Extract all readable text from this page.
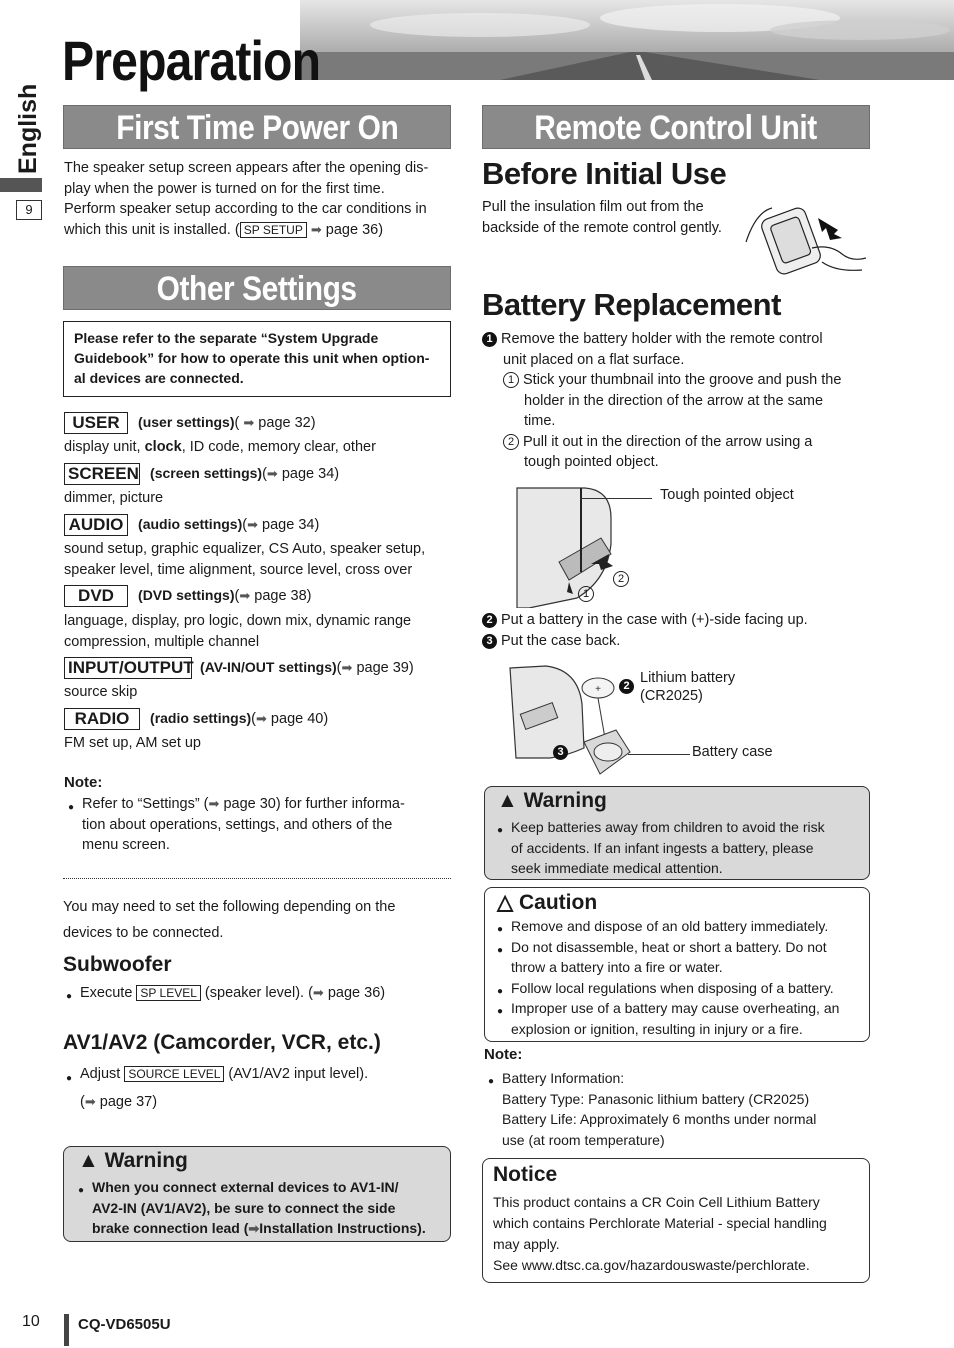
Preparation
English
9
First Time Power On
The speaker setup screen appears after the opening dis-
play when the power is turned on for the first time.
Perform speaker setup according to the car conditions in
which this unit is installed. ( SP SETUP ➡ page 36)
Other Settings
Please refer to the separate “System Upgrade Guidebook” for how to operate this unit when option-al devices are connected.
USER (user settings)( ➡ page 32)
display unit, clock, ID code, memory clear, other
SCREEN (screen settings)(➡ page 34)
dimmer, picture
AUDIO (audio settings)(➡ page 34)
sound setup, graphic equalizer, CS Auto, speaker setup,
speaker level, time alignment, source level, cross over
DVD (DVD settings)(➡ page 38)
language, display, pro logic, down mix, dynamic range
compression, multiple channel
INPUT/OUTPUT (AV-IN/OUT settings)(➡ page 39)
source skip
RADIO (radio settings)(➡ page 40)
FM set up, AM set up
Note:
● Refer to “Settings” (➡ page 30) for further informa-
tion about operations, settings, and others of the
menu screen.
You may need to set the following depending on the
devices to be connected.
Subwoofer
● Execute SP LEVEL (speaker level). (➡ page 36)
AV1/AV2 (Camcorder, VCR, etc.)
● Adjust SOURCE LEVEL (AV1/AV2 input level).
(➡ page 37)
▲ Warning
● When you connect external devices to AV1-IN/
AV2-IN (AV1/AV2), be sure to connect the side
brake connection lead (➡Installation Instructions).
Remote Control Unit
Before Initial Use
Pull the insulation film out from the
backside of the remote control gently.
Battery Replacement
1 Remove the battery holder with the remote control
unit placed on a flat surface.
1 Stick your thumbnail into the groove and push the
holder in the direction of the arrow at the same
time.
2 Pull it out in the direction of the arrow using a
tough pointed object.
Tough pointed object
1
2
2 Put a battery in the case with (+)-side facing up.
3 Put the case back.
+	2
3
Lithium battery
(CR2025)
Battery case
▲ Warning
● Keep batteries away from children to avoid the risk
of accidents. If an infant ingests a battery, please
seek immediate medical attention.
△ Caution
● Remove and dispose of an old battery immediately.
● Do not disassemble, heat or short a battery. Do not
throw a battery into a fire or water.
● Follow local regulations when disposing of a battery.
● Improper use of a battery may cause overheating, an
explosion or ignition, resulting in injury or a fire.
Note:
● Battery Information:
Battery Type: Panasonic lithium battery (CR2025)
Battery Life: Approximately 6 months under normal
use (at room temperature)
Notice
This product contains a CR Coin Cell Lithium Battery
which contains Perchlorate Material - special handling
may apply.
See www.dtsc.ca.gov/hazardouswaste/perchlorate.
10	CQ-VD6505U
